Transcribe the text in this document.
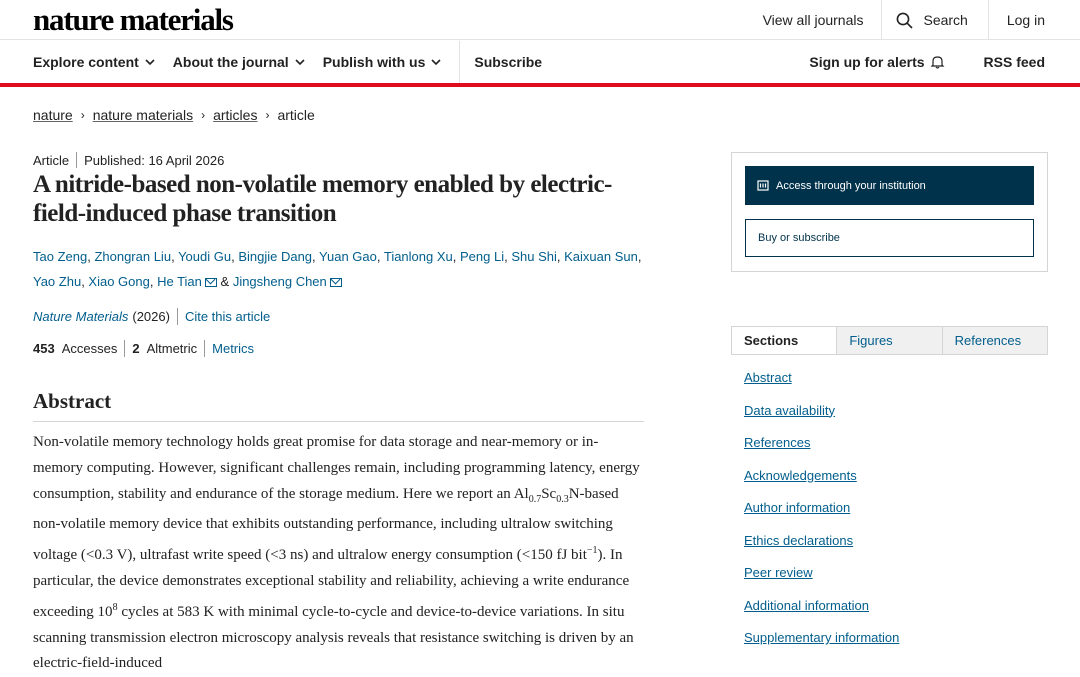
nature materials	View all journals	Search	Log in
Explore content About the journal Publish with us	Subscribe	Sign up for alerts	RSS feed
nature › nature materials › articles › article
Article Published: 16 April 2026
A nitride-based non-volatile memory enabled by electric-field-induced phase transition
Tao Zeng, Zhongran Liu, Youdi Gu, Bingjie Dang, Yuan Gao, Tianlong Xu, Peng Li, Shu Shi, Kaixuan Sun,
Yao Zhu, Xiao Gong, He Tian & Jingsheng Chen
Nature Materials (2026) Cite this article
453 Accesses 2 Altmetric Metrics
Abstract

Non-volatile memory technology holds great promise for data storage and near-memory or in-memory computing. However, significant challenges remain, including programming latency, energy consumption, stability and endurance of the storage medium. Here we report an $Al_{0.7}Sc_{0.3}N$-based non-volatile memory device that exhibits outstanding performance, including ultralow switching voltage (<0.3 V), ultrafast write speed (<3 ns) and ultralow energy consumption (<150 fJ bit$^{-1}$). In particular, the device demonstrates exceptional stability and reliability, achieving a write endurance exceeding $10^8$ cycles at 583 K with minimal cycle-to-cycle and device-to-device variations. In situ scanning transmission electron microscopy analysis reveals that resistance switching is driven by an electric-field-induced

Access through your institution
Buy or subscribe
Sections	Figures	References
Abstract
Data availability
References
Acknowledgements
Author information
Ethics declarations
Peer review
Additional information
Supplementary information
